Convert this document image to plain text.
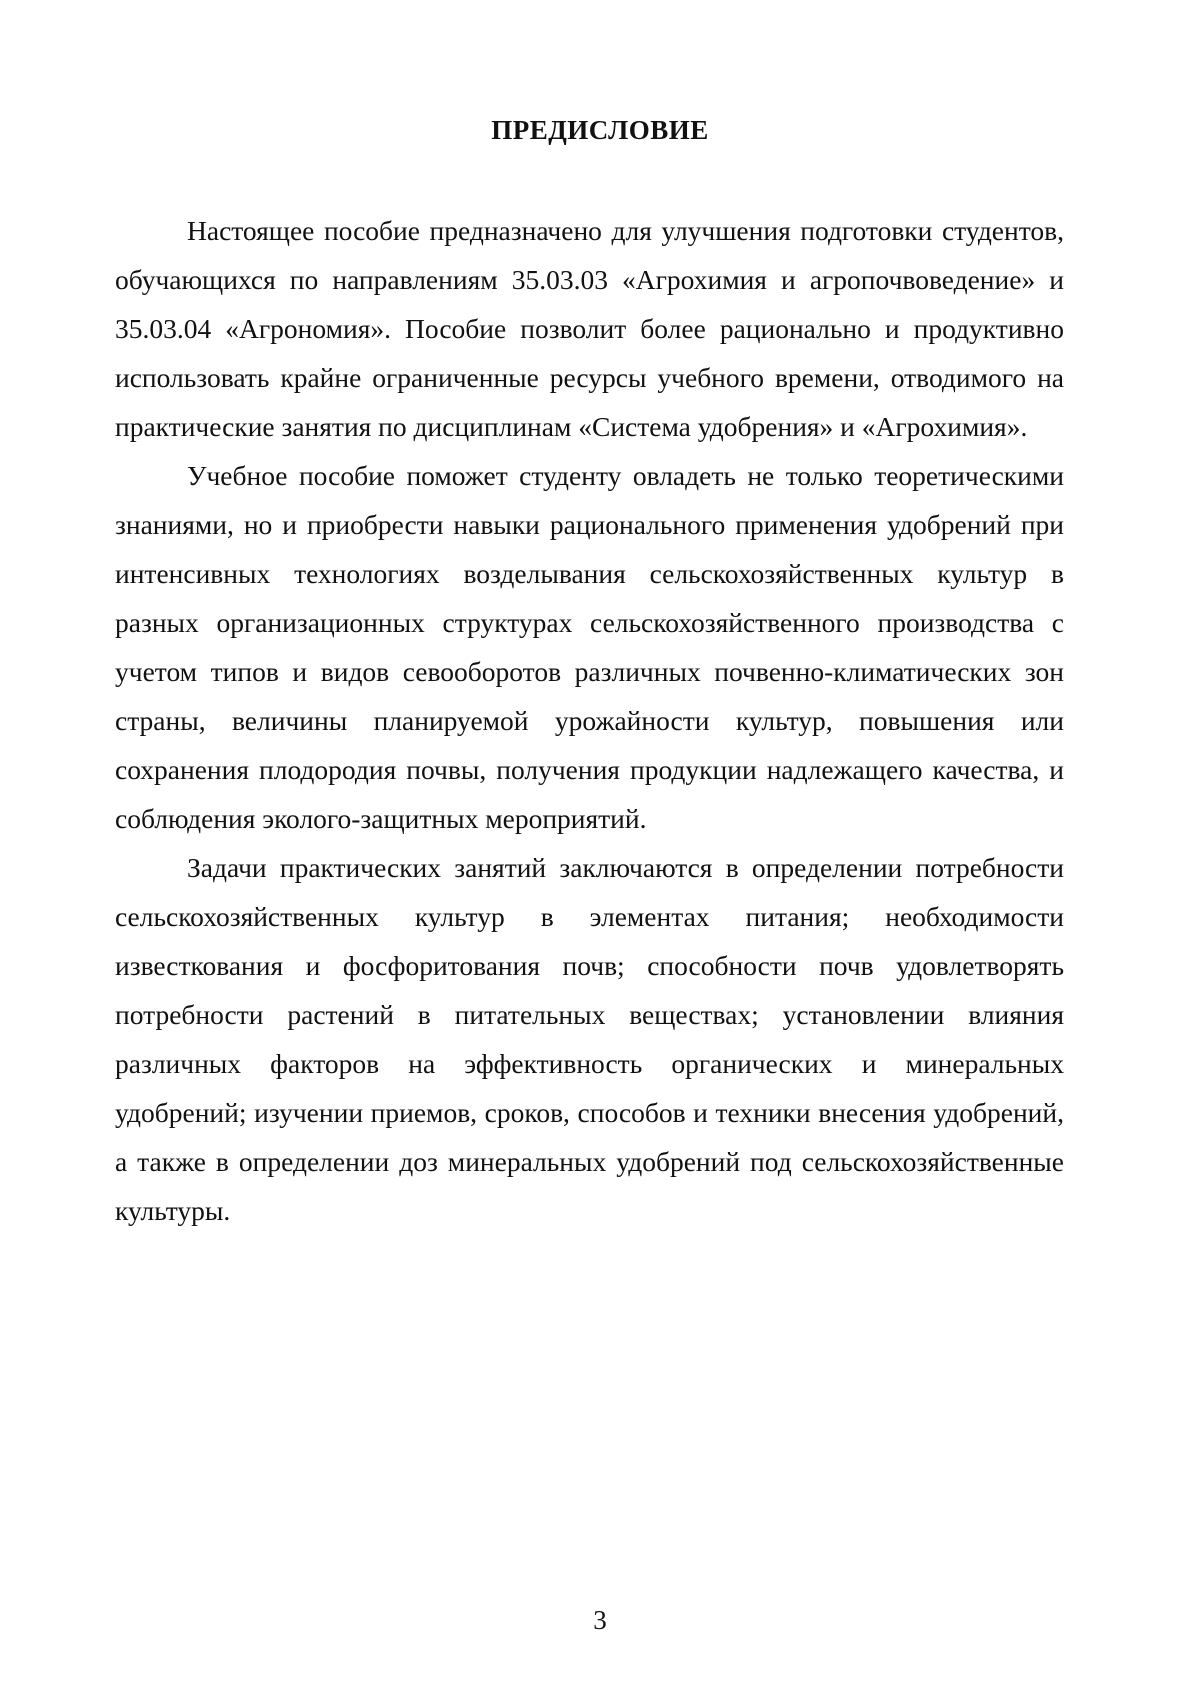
ПРЕДИСЛОВИЕ

Настоящее пособие предназначено для улучшения подготовки студентов, обучающихся по направлениям 35.03.03 «Агрохимия и агропочвоведение» и 35.03.04 «Агрономия». Пособие позволит более рационально и продуктивно использовать крайне ограниченные ресурсы учебного времени, отводимого на практические занятия по дисциплинам «Система удобрения» и «Агрохимия».

Учебное пособие поможет студенту овладеть не только теоретическими знаниями, но и приобрести навыки рационального применения удобрений при интенсивных технологиях возделывания сельскохозяйственных культур в разных организационных структурах сельскохозяйственного производства с учетом типов и видов севооборотов различных почвенно-климатических зон страны, величины планируемой урожайности культур, повышения или сохранения плодородия почвы, получения продукции надлежащего качества, и соблюдения эколого-защитных мероприятий.

Задачи практических занятий заключаются в определении потребности сельскохозяйственных культур в элементах питания; необходимости известкования и фосфоритования почв; способности почв удовлетворять потребности растений в питательных веществах; установлении влияния различных факторов на эффективность органических и минеральных удобрений; изучении приемов, сроков, способов и техники внесения удобрений, а также в определении доз минеральных удобрений под сельскохозяйственные культуры.

3
